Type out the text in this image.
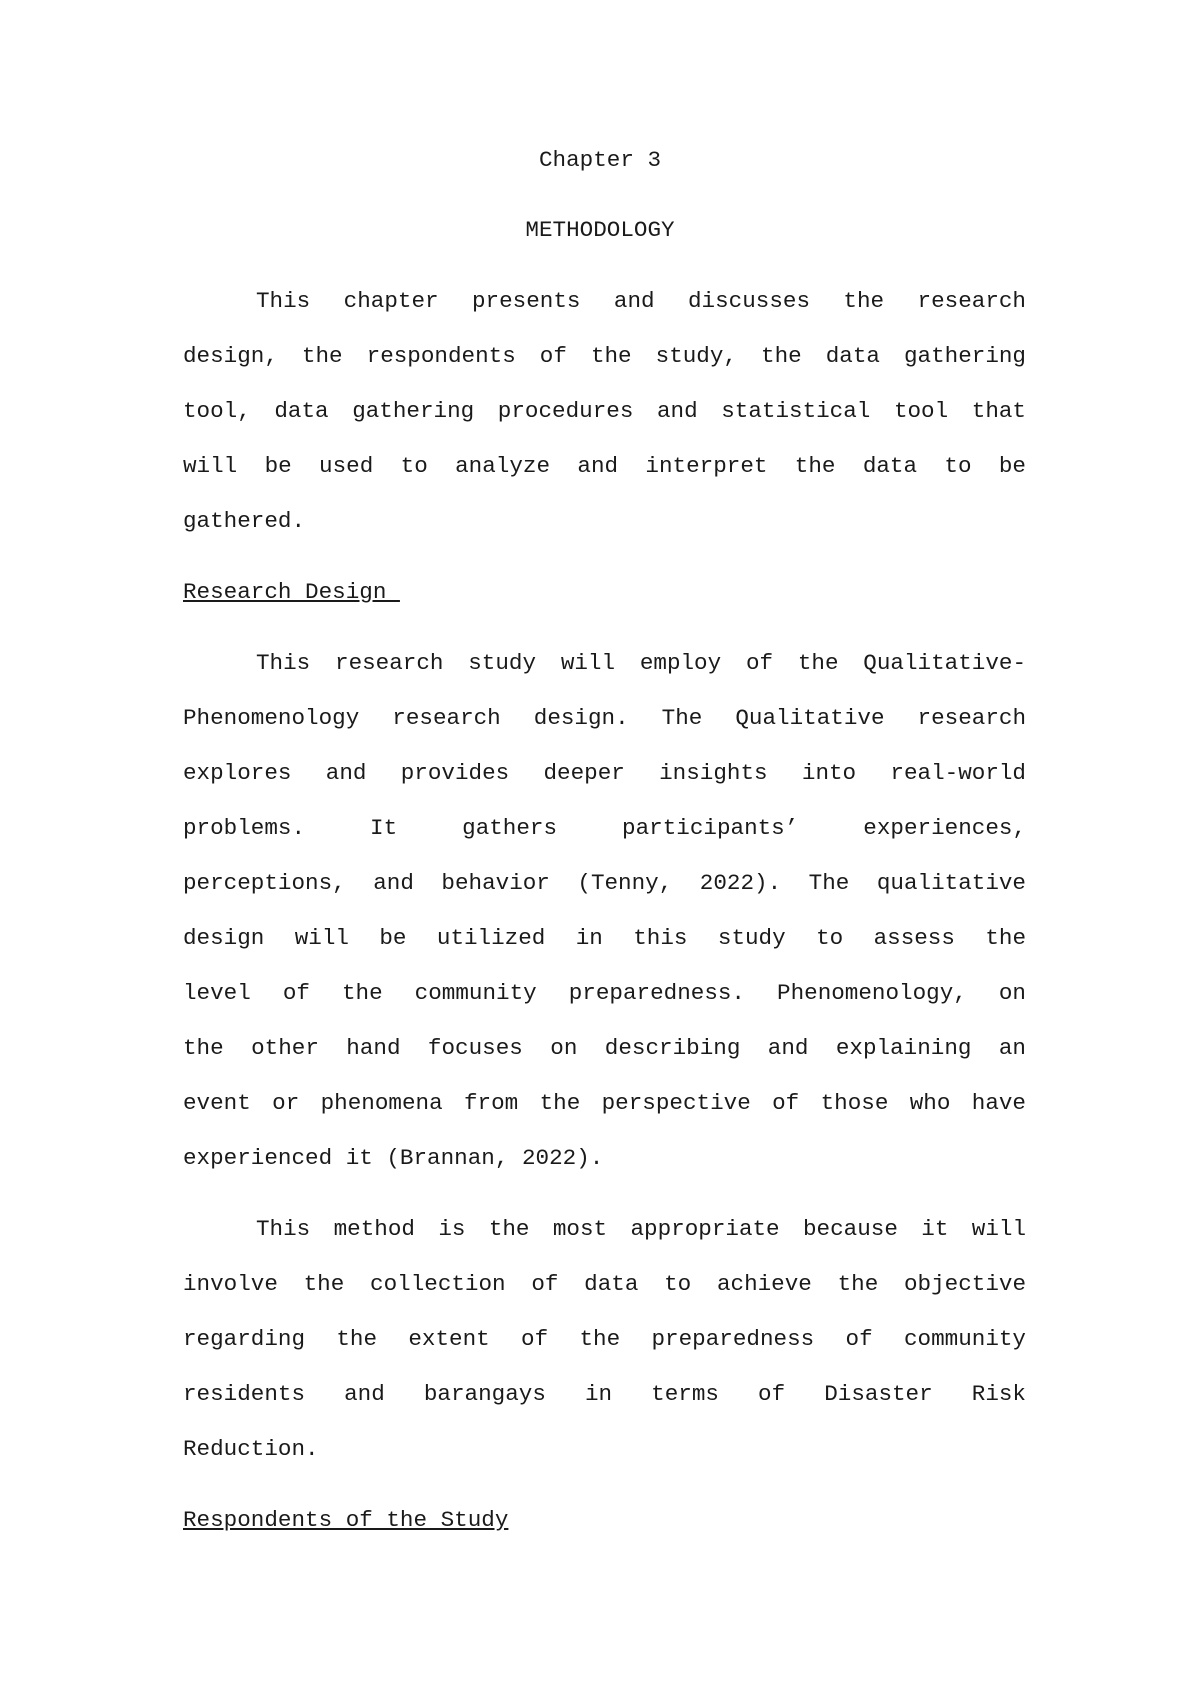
Chapter 3
METHODOLOGY
This chapter presents and discusses the research
design, the respondents of the study, the data gathering
tool, data gathering procedures and statistical tool that
will be used to analyze and interpret the data to be
gathered.
Research Design
This research study will employ of the Qualitative-
Phenomenology research design. The Qualitative research
explores and provides deeper insights into real-world
problems. It gathers participants’ experiences,
perceptions, and behavior (Tenny, 2022). The qualitative
design will be utilized in this study to assess the
level of the community preparedness. Phenomenology, on
the other hand focuses on describing and explaining an
event or phenomena from the perspective of those who have
experienced it (Brannan, 2022).
This method is the most appropriate because it will
involve the collection of data to achieve the objective
regarding the extent of the preparedness of community
residents and barangays in terms of Disaster Risk
Reduction.
Respondents of the Study
